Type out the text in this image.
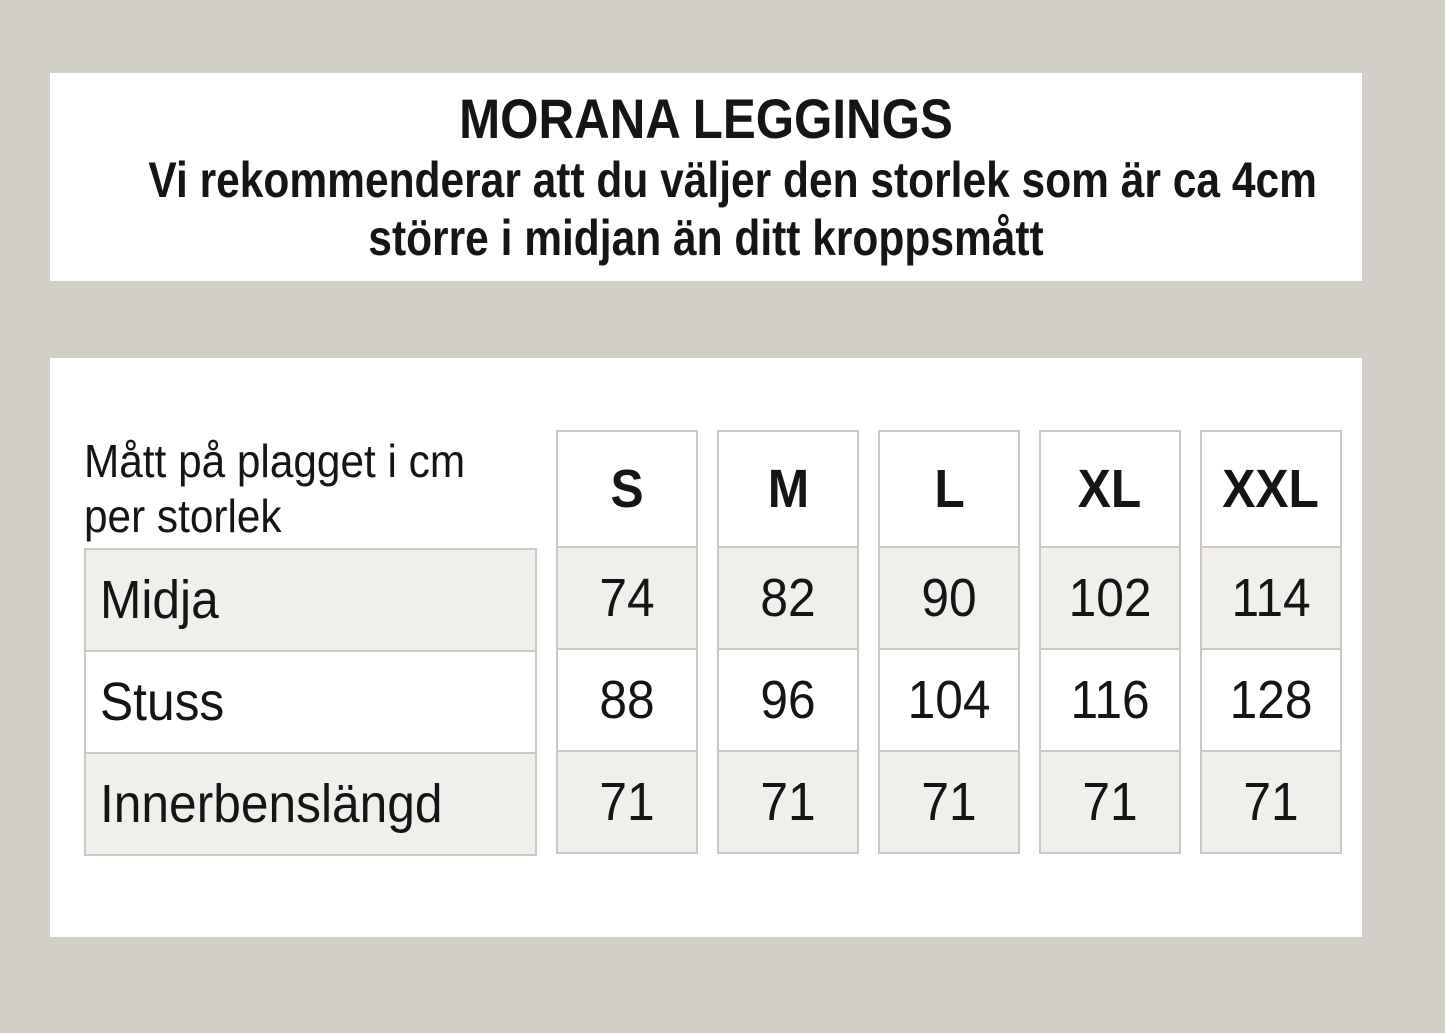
MORANA LEGGINGS
Vi rekommenderar att du väljer den storlek som är ca 4cm
större i midjan än ditt kroppsmått
Mått på plagget i cm
per storlek
Midja
Stuss
Innerbenslängd
S
74
88
71
M
82
96
71
L
90
104
71
XL
102
116
71
XXL
114
128
71
